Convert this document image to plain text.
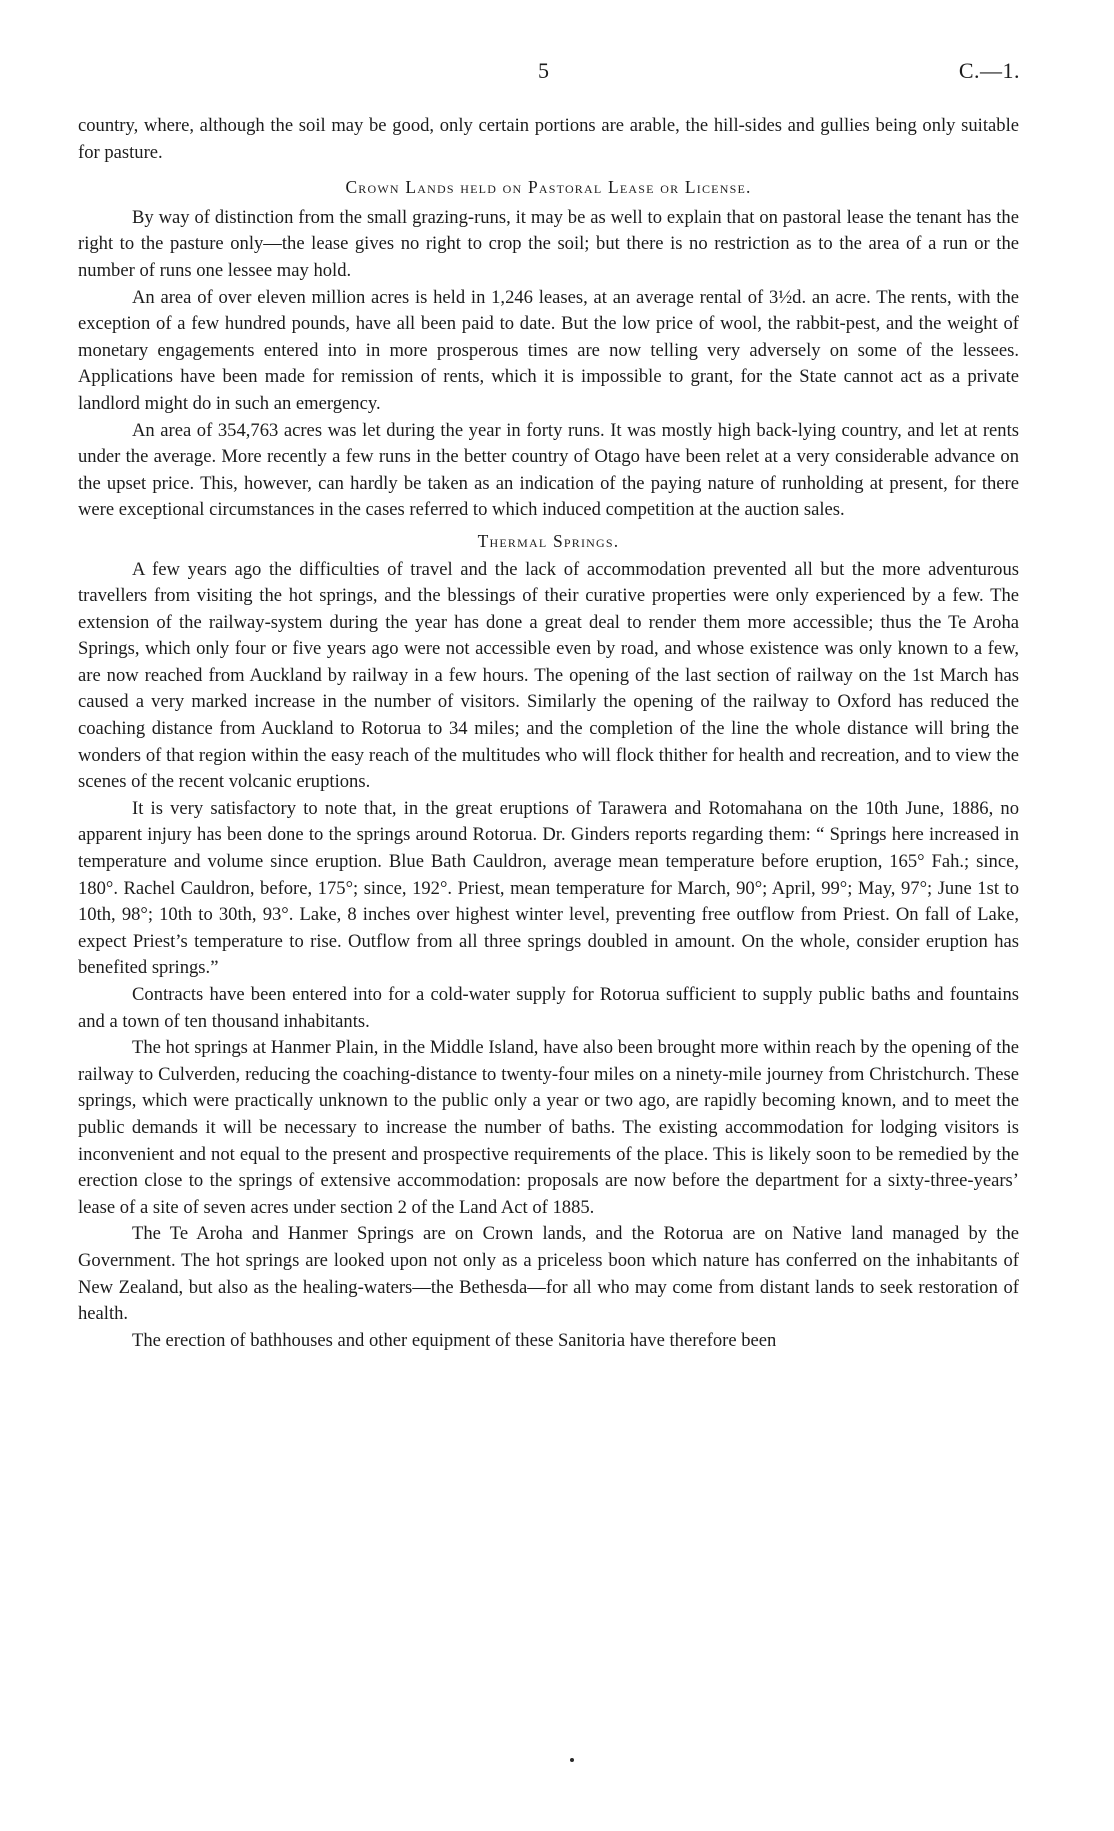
5	C.—1.

country, where, although the soil may be good, only certain portions are arable, the hill-sides and gullies being only suitable for pasture.

Crown Lands held on Pastoral Lease or License.

By way of distinction from the small grazing-runs, it may be as well to explain that on pastoral lease the tenant has the right to the pasture only—the lease gives no right to crop the soil; but there is no restriction as to the area of a run or the number of runs one lessee may hold.

An area of over eleven million acres is held in 1,246 leases, at an average rental of 3½d. an acre. The rents, with the exception of a few hundred pounds, have all been paid to date. But the low price of wool, the rabbit-pest, and the weight of monetary engagements entered into in more prosperous times are now telling very adversely on some of the lessees. Applications have been made for remission of rents, which it is impossible to grant, for the State cannot act as a private landlord might do in such an emergency.

An area of 354,763 acres was let during the year in forty runs. It was mostly high back-lying country, and let at rents under the average. More recently a few runs in the better country of Otago have been relet at a very considerable advance on the upset price. This, however, can hardly be taken as an indication of the paying nature of runholding at present, for there were exceptional circumstances in the cases referred to which induced competition at the auction sales.

Thermal Springs.

A few years ago the difficulties of travel and the lack of accommodation prevented all but the more adventurous travellers from visiting the hot springs, and the blessings of their curative properties were only experienced by a few. The extension of the railway-system during the year has done a great deal to render them more accessible; thus the Te Aroha Springs, which only four or five years ago were not accessible even by road, and whose existence was only known to a few, are now reached from Auckland by railway in a few hours. The opening of the last section of railway on the 1st March has caused a very marked increase in the number of visitors. Similarly the opening of the railway to Oxford has reduced the coaching distance from Auckland to Rotorua to 34 miles; and the completion of the line the whole distance will bring the wonders of that region within the easy reach of the multitudes who will flock thither for health and recreation, and to view the scenes of the recent volcanic eruptions.

It is very satisfactory to note that, in the great eruptions of Tarawera and Rotomahana on the 10th June, 1886, no apparent injury has been done to the springs around Rotorua. Dr. Ginders reports regarding them: “ Springs here increased in temperature and volume since eruption. Blue Bath Cauldron, average mean temperature before eruption, 165° Fah.; since, 180°. Rachel Cauldron, before, 175°; since, 192°. Priest, mean temperature for March, 90°; April, 99°; May, 97°; June 1st to 10th, 98°; 10th to 30th, 93°. Lake, 8 inches over highest winter level, preventing free outflow from Priest. On fall of Lake, expect Priest’s temperature to rise. Outflow from all three springs doubled in amount. On the whole, consider eruption has benefited springs.”

Contracts have been entered into for a cold-water supply for Rotorua sufficient to supply public baths and fountains and a town of ten thousand inhabitants.

The hot springs at Hanmer Plain, in the Middle Island, have also been brought more within reach by the opening of the railway to Culverden, reducing the coaching-distance to twenty-four miles on a ninety-mile journey from Christchurch. These springs, which were practically unknown to the public only a year or two ago, are rapidly becoming known, and to meet the public demands it will be necessary to increase the number of baths. The existing accommodation for lodging visitors is inconvenient and not equal to the present and prospective requirements of the place. This is likely soon to be remedied by the erection close to the springs of extensive accommodation: proposals are now before the department for a sixty-three-years’ lease of a site of seven acres under section 2 of the Land Act of 1885.

The Te Aroha and Hanmer Springs are on Crown lands, and the Rotorua are on Native land managed by the Government. The hot springs are looked upon not only as a priceless boon which nature has conferred on the inhabitants of New Zealand, but also as the healing-waters—the Bethesda—for all who may come from distant lands to seek restoration of health.

The erection of bathhouses and other equipment of these Sanitoria have therefore been
